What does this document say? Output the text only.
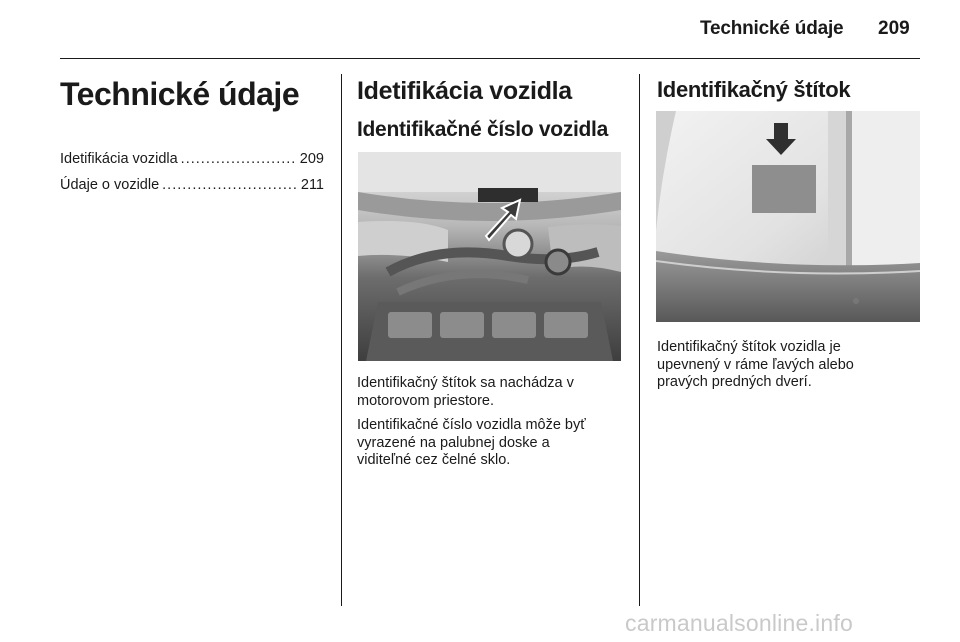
Technické údaje 209
Technické údaje
Idetifikácia vozidla .....	209
Údaje o vozidle .....	211
Idetifikácia vozidla
Identifikačné číslo vozidla

Identifikačný štítok sa nachádza v
motorovom priestore.

Identifikačné číslo vozidla môže byť
vyrazené na palubnej doske a
viditeľné cez čelné sklo.

Identifikačný štítok
Identifikačný štítok vozidla je
upevnený v ráme ľavých alebo
pravých predných dverí.
carmanualsonline.info
